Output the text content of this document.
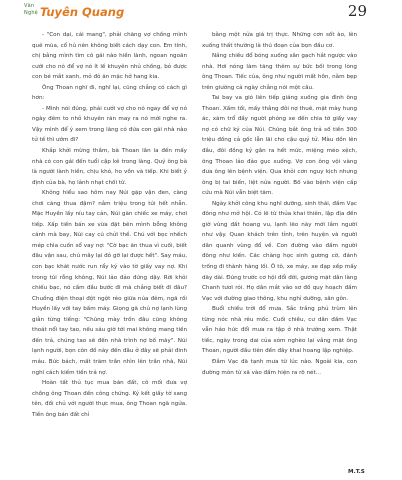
Văn
Nghệ Tuyên Quang	29

- "Con dại, cái mang", phải chăng vợ chồng mình quê mùa, cổ hủ nên không biết cách dạy con. Em tính, chị bằng mình tìm cô gái nào hiền lành, ngoan ngoãn cưới cho nó để vợ nó ít lề khuyên nhủ chồng, bỏ được con bé mắt xanh, mỏ đỏ ăn mặc hở hang kia.

Ông Thoan nghĩ đi, nghĩ lại, cũng chẳng có cách gì hơn:

- Mình nói đúng, phải cưới vợ cho nó ngay để vợ nó ngày đêm to nhỏ khuyên răn may ra nó mới nghe ra. Vậy mình để ý xem trong làng có đứa con gái nhà nào tử tế thì ướm đi?

Khắp khởi mừng thầm, bà Thoan lân la đến mấy nhà có con gái đến tuổi cập kê trong làng. Quý ông bà là người lành hiền, chịu khó, ho vồn và tiếp. Khi biết ý định của bà, họ lảnh nhạt chối từ.

Không hiểu sao hôm nay Núi gặp vận đen, càng chơi càng thua đậm? nắm triệu trong túi hết nhẵn. Mặc Huyền lấy níu tay cản, Núi gàn chiếc xe máy, chơi tiếp. Xấp tiền bán xe vừa đặt bên mình bỗng không cánh mà bay, Núi cay cú chửi thề. Chú với bọc nhếch mép chìa cuốn sổ vay nợ: "Cờ bạc ăn thua vì cuối, biết đâu vận sau, chú mây lại đỏ gỡ lại được hết". Say máu, con bạc khát nước run rẩy ký vào tờ giấy vay nợ. Khi trong túi rỗng không, Núi lảo đảo đứng dậy. Rời khỏi chiếu bạc, nó cầm đầu bước đi mà chẳng biết đi đâu? Chuồng điện thoại đột ngột réo giữa núa đêm, ngã rối Huyền lấy với tay bấm máy. Giọng gã chủ nợ lạnh lùng giằn từng tiếng: "Chúng mày trốn đâu cũng không thoát nổi tay tao, nếu sáu giờ tới mai không mang tiền đến trả, chúng tao sẽ đến nhà trình nợ bố mày". Núi lạnh người, bọn côn đồ này đến đâu ở đây sẽ phải đinh máu. Bức bách, mất trăm trần nhìn lên trần nhà, Núi nghĩ cách kiếm tiền trả nợ.

Hoàn tất thủ tục mua bán đất, cô mối đưa vợ chồng ông Thoan đến công chứng. Ký kết giấy tờ sang tên, đối chủ với người thực mua, ông Thoan ngã ngửa. Tiền ông bán đất chỉ

bằng một nửa giá trị thực. Những cơn sốt ào, lên xuống thất thường là thú đoạn của bọn đầu cơ.

Nắng chiều đổ bóng xuống sân gạch hắt ngược vào nhà. Hơi nóng làm tăng thêm sự bức bối trong lòng ông Thoan. Tiếc của, ông như người mất hồn, nằm bẹp trên giường cả ngày chẳng nói một câu.

Tai bay va gió liên tiếp giáng xuống gia đình ông Thoan. Xấm tối, mấy thằng đôi nợ thuê, mặt mày hung ác, xăm trổ đầy người phóng xe đến chia tờ giấy vay nợ có chữ ký của Núi. Chúng bắt ông trả số tiền 300 triệu đồng cả gốc lẫn lãi cho cậu quý tử. Màu dồn lên đầu, đôi đồng kỷ gân ra hết mức, miệng méo xệch, ông Thoan lảo đảo gục xuống. Vợ con ông vội vàng đưa ông lên bệnh viện. Qua khỏi cơn nguy kịch nhưng ông bị tai biến, liệt nửa người. Bố vào bệnh viện cấp cứu mà Núi vẫn biệt tăm.

Ngày khởi công khu nghĩ dưỡng, sinh thái, đầm Vạc đông như mở hội. Có lẽ từ thủa khai thiên, lập địa đến giờ vùng đất hoang vu, lạnh lẽo này mới lắm người như vậy. Quan khách trên tỉnh, trên huyện và người dân quanh vùng đổ về. Con đường vào đầm người đông như kiến. Các chàng học sinh gương cờ, đánh trống đi thành hàng lối. Ô tô, xe máy, xe đạp xếp mấy dãy dài. Đúng trước cơ hội đổi đời, gương mặt dân làng Chanh tươi rói. Họ dân mắt vào sơ đồ quy hoạch đầm Vạc với đường giao thông, khu nghỉ dưỡng, sân gôn.

Buổi chiều trời đổ mưa. Sắc trắng phủ trùm lên từng nóc nhà rêu mốc. Cuối chiều, cư dân đầm Vạc vẫn háo hức đổi mưa ra tập ở nhà trường xem. Thật tiếc, ngày trong dai của xóm nghèo lại vắng mặt ông Thoan, người đầu tiên đến đây khai hoang lập nghiệp.

Đầm Vạc đã tạnh mưa từ lúc nào. Ngoài kia, con đường mòn từ xã vào đầm hiện ra rõ nét...

M.T.S
